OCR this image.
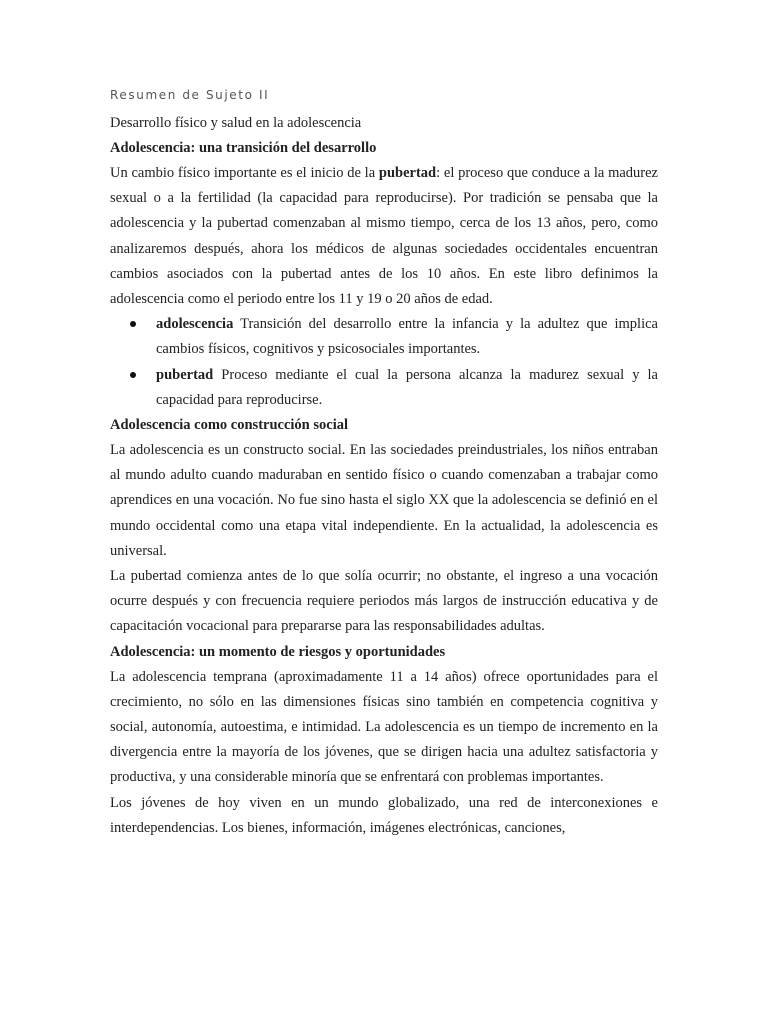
Resumen de Sujeto II
Desarrollo físico y salud en la adolescencia
Adolescencia: una transición del desarrollo

Un cambio físico importante es el inicio de la pubertad: el proceso que conduce a la madurez sexual o a la fertilidad (la capacidad para reproducirse). Por tradición se pensaba que la adolescencia y la pubertad comenzaban al mismo tiempo, cerca de los 13 años, pero, como analizaremos después, ahora los médicos de algunas sociedades occidentales encuentran cambios asociados con la pubertad antes de los 10 años. En este libro definimos la adolescencia como el periodo entre los 11 y 19 o 20 años de edad.

adolescencia Transición del desarrollo entre la infancia y la adultez que implica cambios físicos, cognitivos y psicosociales importantes.
pubertad Proceso mediante el cual la persona alcanza la madurez sexual y la capacidad para reproducirse.
Adolescencia como construcción social

La adolescencia es un constructo social. En las sociedades preindustriales, los niños entraban al mundo adulto cuando maduraban en sentido físico o cuando comenzaban a trabajar como aprendices en una vocación. No fue sino hasta el siglo XX que la adolescencia se definió en el mundo occidental como una etapa vital independiente. En la actualidad, la adolescencia es universal.

La pubertad comienza antes de lo que solía ocurrir; no obstante, el ingreso a una vocación ocurre después y con frecuencia requiere periodos más largos de instrucción educativa y de capacitación vocacional para prepararse para las responsabilidades adultas.

Adolescencia: un momento de riesgos y oportunidades

La adolescencia temprana (aproximadamente 11 a 14 años) ofrece oportunidades para el crecimiento, no sólo en las dimensiones físicas sino también en competencia cognitiva y social, autonomía, autoestima, e intimidad. La adolescencia es un tiempo de incremento en la divergencia entre la mayoría de los jóvenes, que se dirigen hacia una adultez satisfactoria y productiva, y una considerable minoría que se enfrentará con problemas importantes.

Los jóvenes de hoy viven en un mundo globalizado, una red de interconexiones e interdependencias. Los bienes, información, imágenes electrónicas, canciones,
